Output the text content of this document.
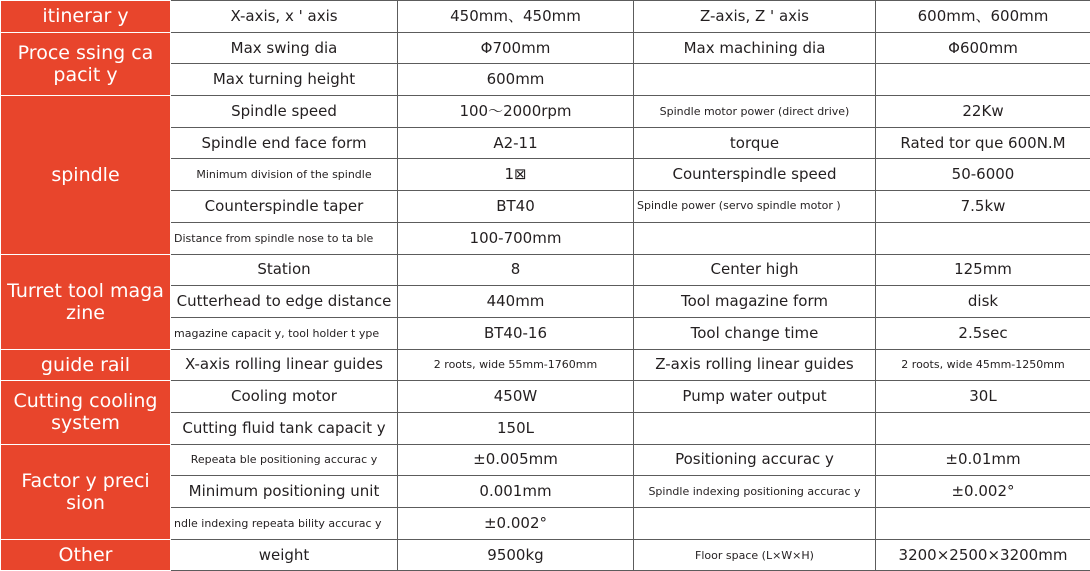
itinerar y	X-axis, x ' axis	450mm、450mm	Z-axis, Z ' axis	600mm、600mm
Proce ssing ca pacit y	Max swing dia	Φ700mm	Max machining dia	Φ600mm
	Max turning height	600mm		
spindle	Spindle speed	100～2000rpm	Spindle motor power (direct drive)	22Kw
	Spindle end face form	A2-11	torque	Rated tor que 600N.M
	Minimum division of the spindle	1⊠	Counterspindle speed	50-6000
	Counterspindle taper	BT40	Spindle power (servo spindle motor )	7.5kw
	Distance from spindle nose to ta ble	100-700mm		
Turret tool maga zine	Station	8	Center high	125mm
	Cutterhead to edge distance	440mm	Tool magazine form	disk
	magazine capacit y, tool holder t ype	BT40-16	Tool change time	2.5sec
guide rail	X-axis rolling linear guides	2 roots, wide 55mm-1760mm	Z-axis rolling linear guides	2 roots, wide 45mm-1250mm
Cutting cooling system	Cooling motor	450W	Pump water output	30L
	Cutting fluid tank capacit y	150L		
Factor y preci sion	Repeata ble positioning accurac y	±0.005mm	Positioning accurac y	±0.01mm
	Minimum positioning unit	0.001mm	Spindle indexing positioning accurac y	±0.002°
	ndle indexing repeata bility accurac y	±0.002°		
Other	weight	9500kg	Floor space (L×W×H)	3200×2500×3200mm
